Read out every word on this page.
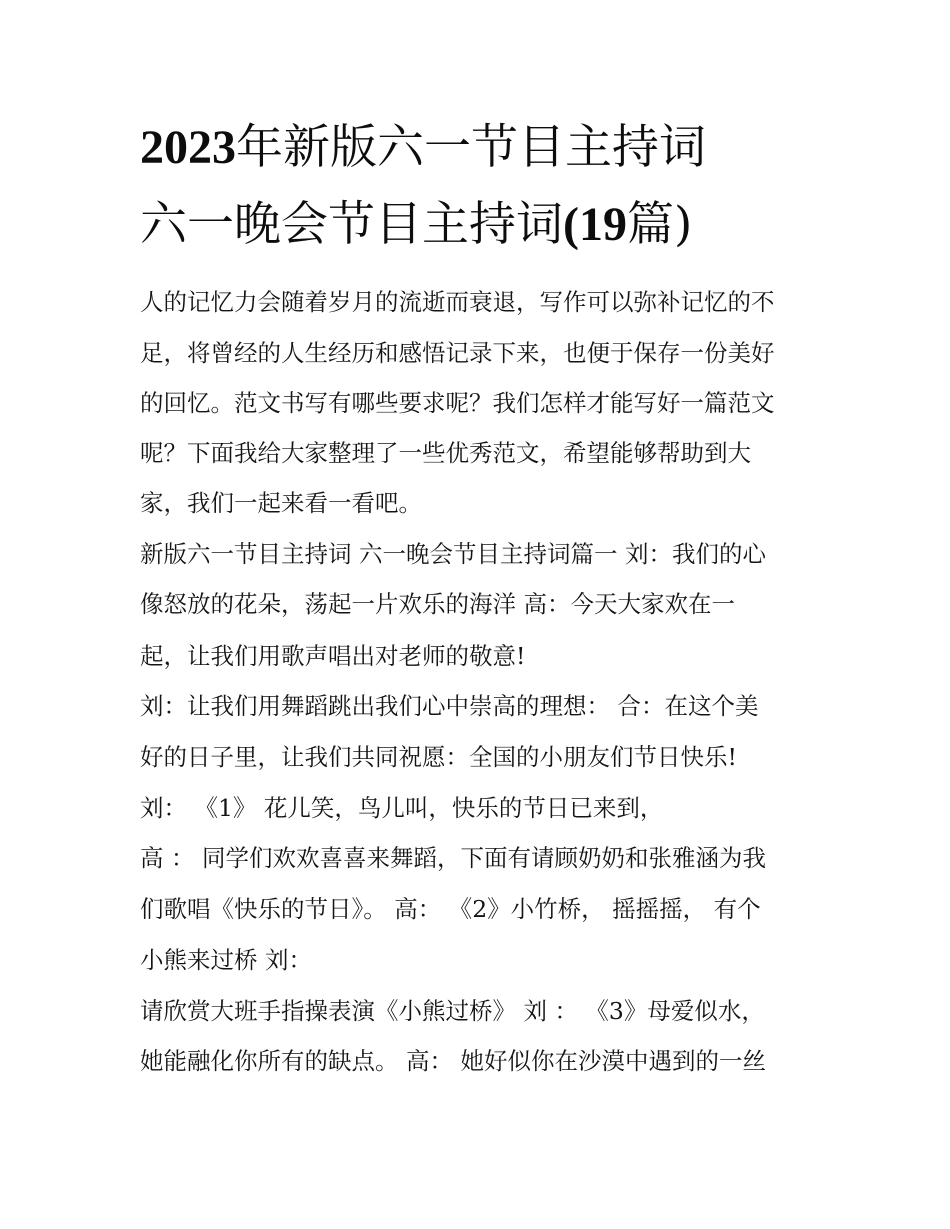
2023年新版六一节目主持词
六一晚会节目主持词(19篇)

人的记忆力会随着岁月的流逝而衰退，写作可以弥补记忆的不

足，将曾经的人生经历和感悟记录下来，也便于保存一份美好

的回忆。范文书写有哪些要求呢？我们怎样才能写好一篇范文

呢？下面我给大家整理了一些优秀范文，希望能够帮助到大

家，我们一起来看一看吧。

新版六一节目主持词 六一晚会节目主持词篇一 刘：我们的心

像怒放的花朵，荡起一片欢乐的海洋 高：今天大家欢在一

起，让我们用歌声唱出对老师的敬意!

刘：让我们用舞蹈跳出我们心中崇高的理想： 合：在这个美

好的日子里，让我们共同祝愿：全国的小朋友们节日快乐!

刘： 《1》 花儿笑，鸟儿叫，快乐的节日已来到，

高 ： 同学们欢欢喜喜来舞蹈，下面有请顾奶奶和张雅涵为我

们歌唱《快乐的节日》。 高： 《2》小竹桥， 摇摇摇， 有个

小熊来过桥 刘：

请欣赏大班手指操表演《小熊过桥》 刘 ： 《3》母爱似水，

她能融化你所有的缺点。 高： 她好似你在沙漠中遇到的一丝
